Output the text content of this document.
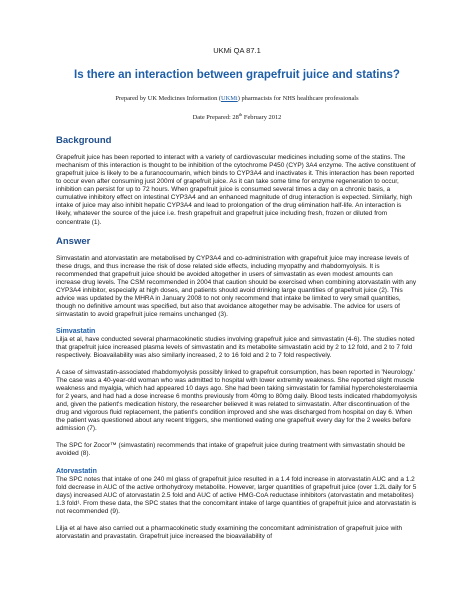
UKMi QA 87.1
Is there an interaction between grapefruit juice and statins?
Prepared by UK Medicines Information (UKMi) pharmacists for NHS healthcare professionals
Date Prepared: 28th February 2012
Background

Grapefruit juice has been reported to interact with a variety of cardiovascular medicines including some of the statins. The mechanism of this interaction is thought to be inhibition of the cytochrome P450 (CYP) 3A4 enzyme. The active constituent of grapefruit juice is likely to be a furanocoumarin, which binds to CYP3A4 and inactivates it. This interaction has been reported to occur even after consuming just 200ml of grapefruit juice. As it can take some time for enzyme regeneration to occur, inhibition can persist for up to 72 hours. When grapefruit juice is consumed several times a day on a chronic basis, a cumulative inhibitory effect on intestinal CYP3A4 and an enhanced magnitude of drug interaction is expected. Similarly, high intake of juice may also inhibit hepatic CYP3A4 and lead to prolongation of the drug elimination half-life. An interaction is likely, whatever the source of the juice i.e. fresh grapefruit and grapefruit juice including fresh, frozen or diluted from concentrate (1).

Answer

Simvastatin and atorvastatin are metabolised by CYP3A4 and co-administration with grapefruit juice may increase levels of these drugs, and thus increase the risk of dose related side effects, including myopathy and rhabdomyolysis. It is recommended that grapefruit juice should be avoided altogether in users of simvastatin as even modest amounts can increase drug levels. The CSM recommended in 2004 that caution should be exercised when combining atorvastatin with any CYP3A4 inhibitor, especially at high doses, and patients should avoid drinking large quantities of grapefruit juice (2). This advice was updated by the MHRA in January 2008 to not only recommend that intake be limited to very small quantities, though no definitive amount was specified, but also that avoidance altogether may be advisable. The advice for users of simvastatin to avoid grapefruit juice remains unchanged (3).

Simvastatin

Lilja et al, have conducted several pharmacokinetic studies involving grapefruit juice and simvastatin (4-6). The studies noted that grapefruit juice increased plasma levels of simvastatin and its metabolite simvastatin acid by 2 to 12 fold, and 2 to 7 fold respectively. Bioavailability was also similarly increased, 2 to 16 fold and 2 to 7 fold respectively.

A case of simvastatin-associated rhabdomyolysis possibly linked to grapefruit consumption, has been reported in 'Neurology.' The case was a 40-year-old woman who was admitted to hospital with lower extremity weakness. She reported slight muscle weakness and myalgia, which had appeared 10 days ago. She had been taking simvastatin for familial hypercholesterolaemia for 2 years, and had had a dose increase 6 months previously from 40mg to 80mg daily. Blood tests indicated rhabdomyolysis and, given the patient's medication history, the researcher believed it was related to simvastatin. After discontinuation of the drug and vigorous fluid replacement, the patient's condition improved and she was discharged from hospital on day 6. When the patient was questioned about any recent triggers, she mentioned eating one grapefruit every day for the 2 weeks before admission (7).

The SPC for Zocor™ (simvastatin) recommends that intake of grapefruit juice during treatment with simvastatin should be avoided (8).

Atorvastatin

The SPC notes that intake of one 240 ml glass of grapefruit juice resulted in a 1.4 fold increase in atorvastatin AUC and a 1.2 fold decrease in AUC of the active orthohydroxy metabolite. However, larger quantities of grapefruit juice (over 1.2L daily for 5 days) increased AUC of atorvastatin 2.5 fold and AUC of active HMG-CoA reductase inhibitors (atorvastatin and metabolites) 1.3 fold¹. From these data, the SPC states that the concomitant intake of large quantities of grapefruit juice and atorvastatin is not recommended (9).

Lilja et al have also carried out a pharmacokinetic study examining the concomitant administration of grapefruit juice with atorvastatin and pravastatin. Grapefruit juice increased the bioavailability of
